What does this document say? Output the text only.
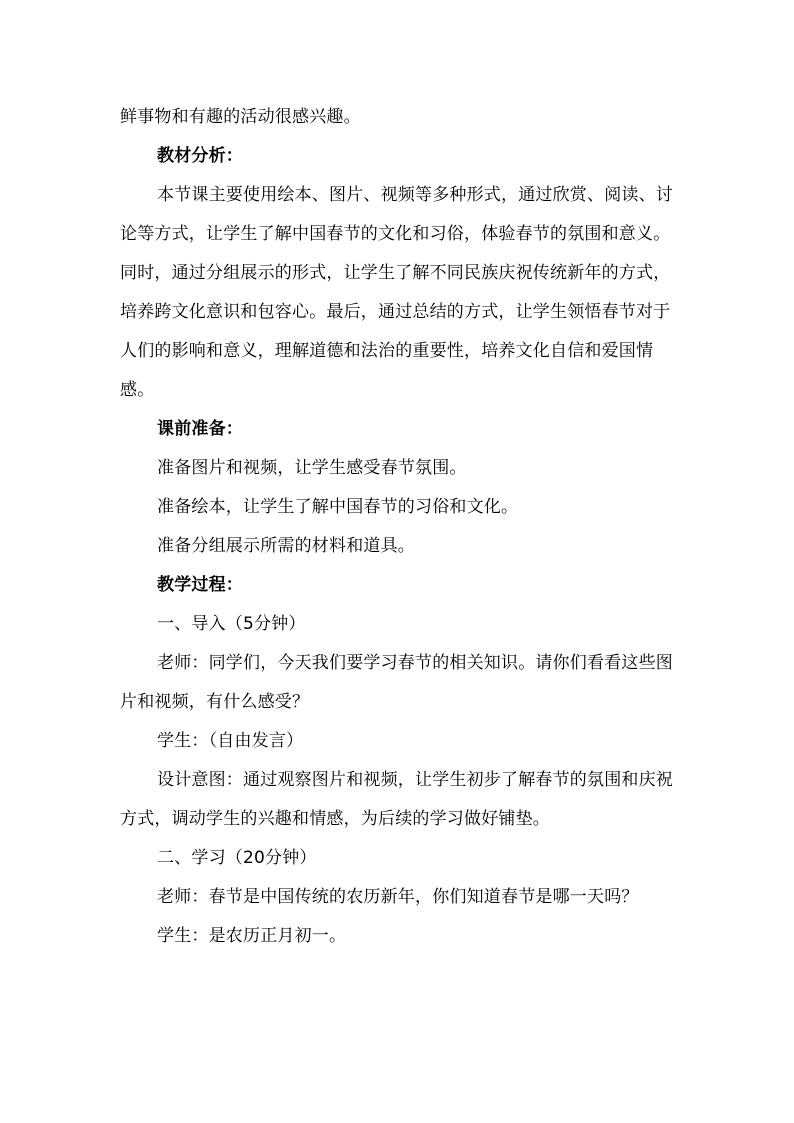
鲜事物和有趣的活动很感兴趣。

教材分析：

本节课主要使用绘本、图片、视频等多种形式，通过欣赏、阅读、讨论等方式，让学生了解中国春节的文化和习俗，体验春节的氛围和意义。同时，通过分组展示的形式，让学生了解不同民族庆祝传统新年的方式，培养跨文化意识和包容心。最后，通过总结的方式，让学生领悟春节对于人们的影响和意义，理解道德和法治的重要性，培养文化自信和爱国情感。

课前准备：

准备图片和视频，让学生感受春节氛围。

准备绘本，让学生了解中国春节的习俗和文化。

准备分组展示所需的材料和道具。

教学过程：

一、导入（5分钟）

老师：同学们，今天我们要学习春节的相关知识。请你们看看这些图片和视频，有什么感受？

学生：（自由发言）

设计意图：通过观察图片和视频，让学生初步了解春节的氛围和庆祝方式，调动学生的兴趣和情感，为后续的学习做好铺垫。

二、学习（20分钟）

老师：春节是中国传统的农历新年，你们知道春节是哪一天吗？

学生：是农历正月初一。
